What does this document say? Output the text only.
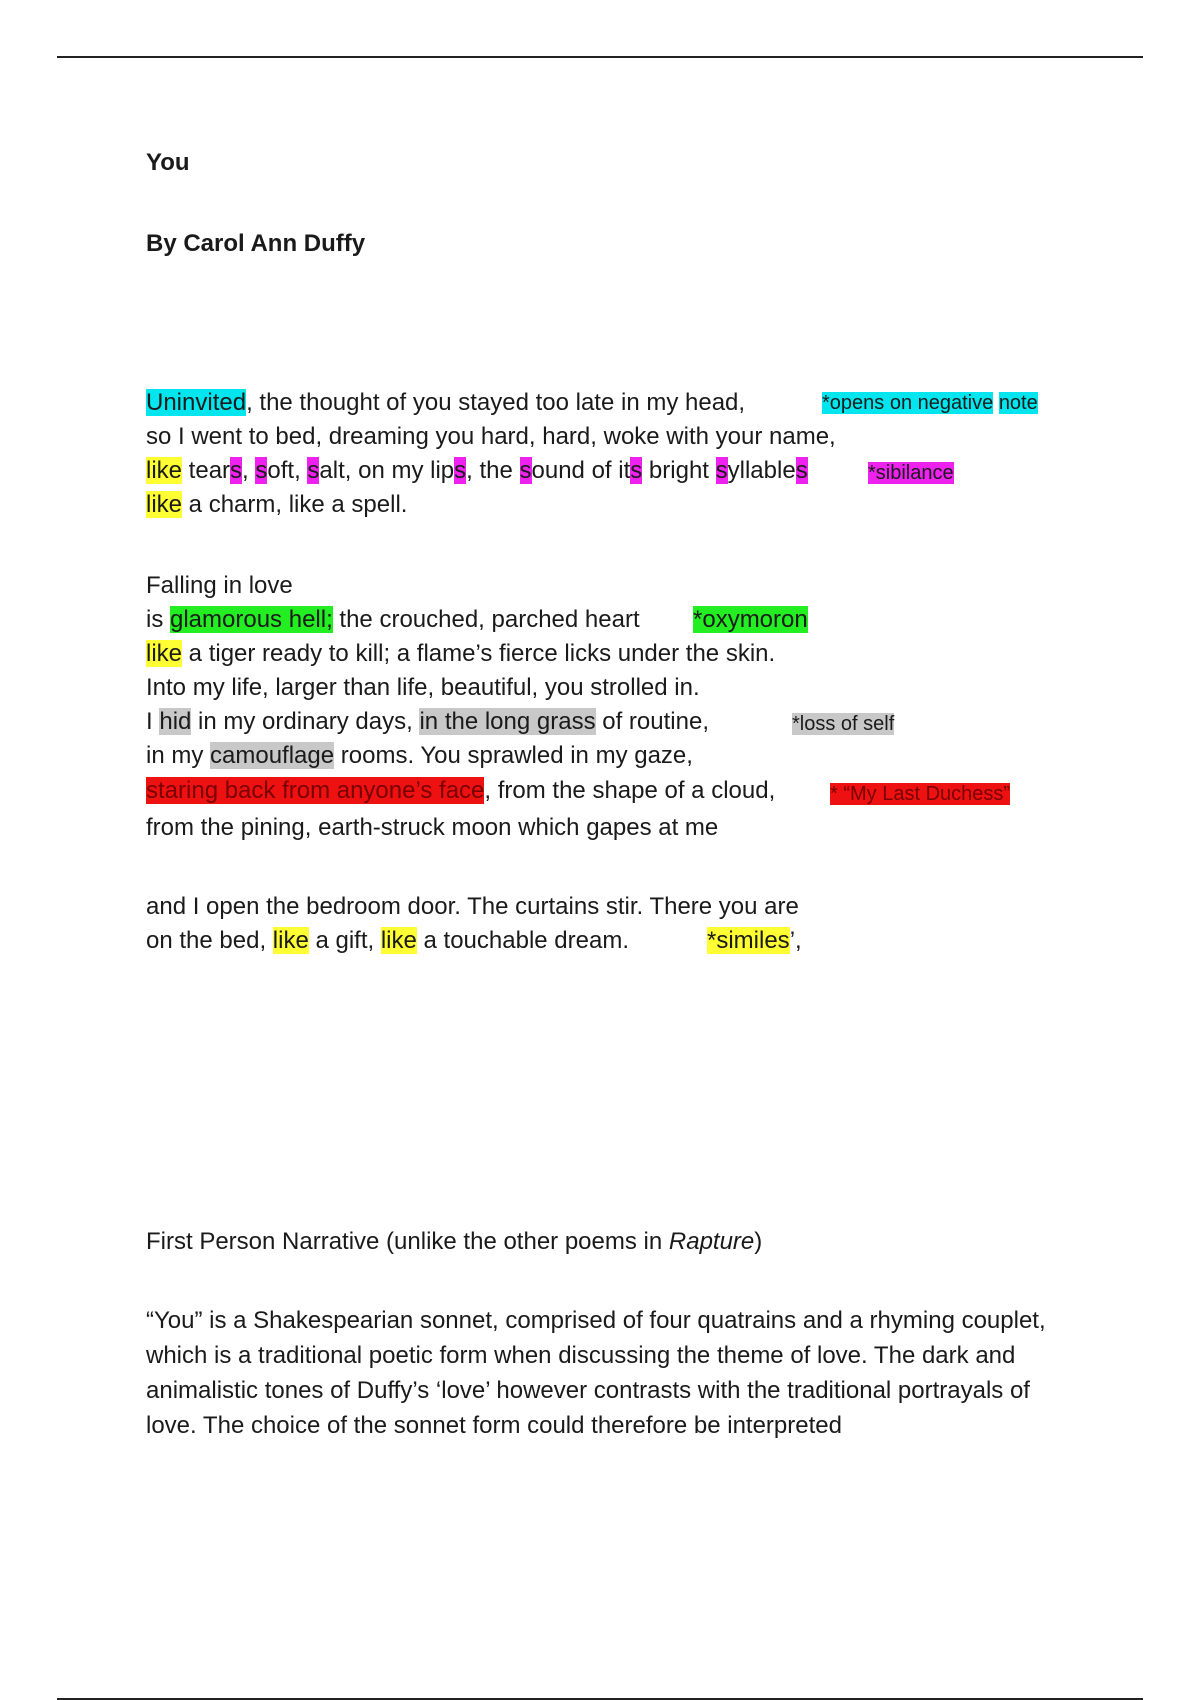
You
By Carol Ann Duffy
Uninvited, the thought of you stayed too late in my head,	*opens on negative note
so I went to bed, dreaming you hard, hard, woke with your name,
like tears, soft, salt, on my lips, the sound of its bright syllables	*sibilance
like a charm, like a spell.
Falling in love
is glamorous hell; the crouched, parched heart *oxymoron
like a tiger ready to kill; a flame’s fierce licks under the skin.
Into my life, larger than life, beautiful, you strolled in.
I hid in my ordinary days, in the long grass of routine,	*loss of self
in my camouflage rooms. You sprawled in my gaze,
staring back from anyone’s face, from the shape of a cloud,	* “My Last Duchess”
from the pining, earth-struck moon which gapes at me
and I open the bedroom door. The curtains stir. There you are
on the bed, like a gift, like a touchable dream.	*similes’,
First Person Narrative (unlike the other poems in Rapture)
“You” is a Shakespearian sonnet, comprised of four quatrains and a rhyming couplet, which is a traditional poetic form when discussing the theme of love. The dark and animalistic tones of Duffy’s ‘love’ however contrasts with the traditional portrayals of love. The choice of the sonnet form could therefore be interpreted
